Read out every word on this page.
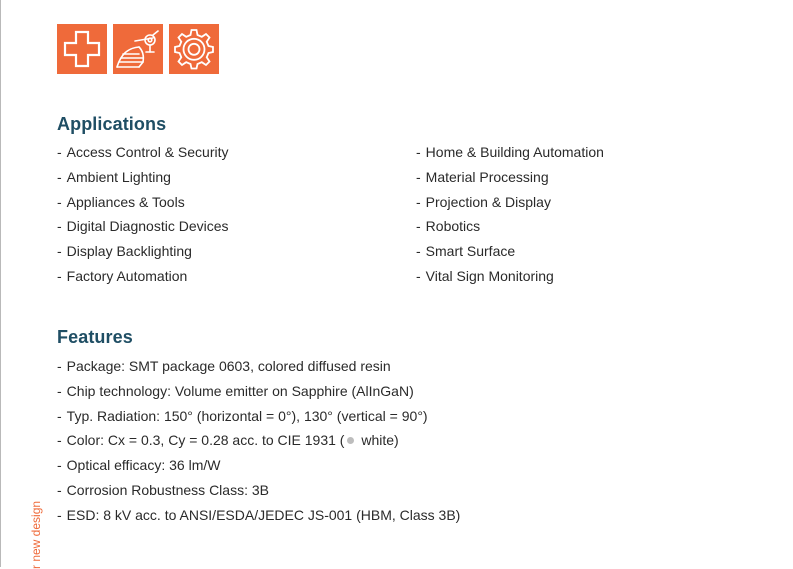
Applications
- Access Control & Security
- Ambient Lighting
- Appliances & Tools
- Digital Diagnostic Devices
- Display Backlighting
- Factory Automation
- Home & Building Automation
- Material Processing
- Projection & Display
- Robotics
- Smart Surface
- Vital Sign Monitoring
Features
- Package: SMT package 0603, colored diffused resin
- Chip technology: Volume emitter on Sapphire (AlInGaN)
- Typ. Radiation: 150° (horizontal = 0°), 130° (vertical = 90°)
- Color: Cx = 0.3, Cy = 0.28 acc. to CIE 1931 ( white)
- Optical efficacy: 36 lm/W
- Corrosion Robustness Class: 3B
- ESD: 8 kV acc. to ANSI/ESDA/JEDEC JS-001 (HBM, Class 3B)
r new design
